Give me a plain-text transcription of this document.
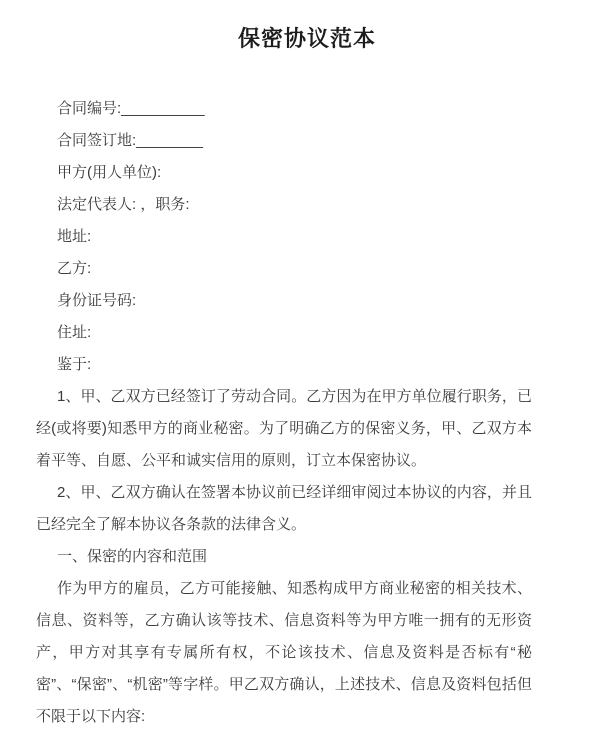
保密协议范本

合同编号:__________

合同签订地:________

甲方(用人单位):

法定代表人: ，职务:

地址:

乙方:

身份证号码:

住址:

鉴于:

1、甲、乙双方已经签订了劳动合同。乙方因为在甲方单位履行职务，已经(或将要)知悉甲方的商业秘密。为了明确乙方的保密义务，甲、乙双方本着平等、自愿、公平和诚实信用的原则，订立本保密协议。

2、甲、乙双方确认在签署本协议前已经详细审阅过本协议的内容，并且已经完全了解本协议各条款的法律含义。

一、保密的内容和范围

作为甲方的雇员，乙方可能接触、知悉构成甲方商业秘密的相关技术、信息、资料等，乙方确认该等技术、信息资料等为甲方唯一拥有的无形资产，甲方对其享有专属所有权，不论该技术、信息及资料是否标有“秘密”、“保密”、“机密”等字样。甲乙双方确认，上述技术、信息及资料包括但不限于以下内容:
